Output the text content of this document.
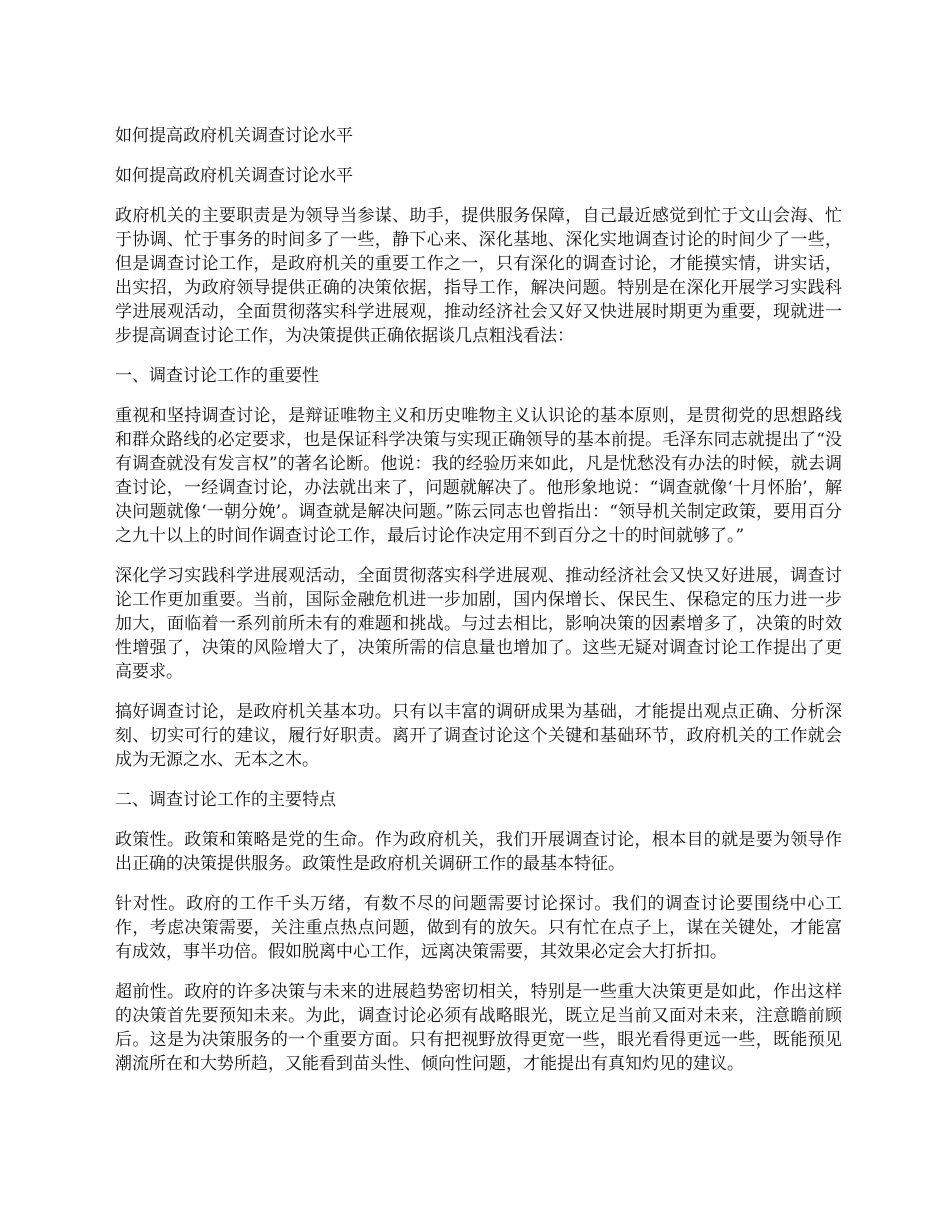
如何提高政府机关调查讨论水平

如何提高政府机关调查讨论水平

政府机关的主要职责是为领导当参谋、助手，提供服务保障，自己最近感觉到忙于文山会海、忙于协调、忙于事务的时间多了一些，静下心来、深化基地、深化实地调查讨论的时间少了一些，但是调查讨论工作，是政府机关的重要工作之一，只有深化的调查讨论，才能摸实情，讲实话，出实招，为政府领导提供正确的决策依据，指导工作，解决问题。特别是在深化开展学习实践科学进展观活动，全面贯彻落实科学进展观，推动经济社会又好又快进展时期更为重要，现就进一步提高调查讨论工作，为决策提供正确依据谈几点粗浅看法：

一、调查讨论工作的重要性

重视和坚持调查讨论，是辩证唯物主义和历史唯物主义认识论的基本原则，是贯彻党的思想路线和群众路线的必定要求，也是保证科学决策与实现正确领导的基本前提。毛泽东同志就提出了“没有调查就没有发言权”的著名论断。他说：我的经验历来如此，凡是忧愁没有办法的时候，就去调查讨论，一经调查讨论，办法就出来了，问题就解决了。他形象地说：“调查就像‘十月怀胎’，解决问题就像‘一朝分娩’。调查就是解决问题。”陈云同志也曾指出：“领导机关制定政策，要用百分之九十以上的时间作调查讨论工作，最后讨论作决定用不到百分之十的时间就够了。”

深化学习实践科学进展观活动，全面贯彻落实科学进展观、推动经济社会又快又好进展，调查讨论工作更加重要。当前，国际金融危机进一步加剧，国内保增长、保民生、保稳定的压力进一步加大，面临着一系列前所未有的难题和挑战。与过去相比，影响决策的因素增多了，决策的时效性增强了，决策的风险增大了，决策所需的信息量也增加了。这些无疑对调查讨论工作提出了更高要求。

搞好调查讨论，是政府机关基本功。只有以丰富的调研成果为基础，才能提出观点正确、分析深刻、切实可行的建议，履行好职责。离开了调查讨论这个关键和基础环节，政府机关的工作就会成为无源之水、无本之木。

二、调查讨论工作的主要特点

政策性。政策和策略是党的生命。作为政府机关，我们开展调查讨论，根本目的就是要为领导作出正确的决策提供服务。政策性是政府机关调研工作的最基本特征。

针对性。政府的工作千头万绪，有数不尽的问题需要讨论探讨。我们的调查讨论要围绕中心工作，考虑决策需要，关注重点热点问题，做到有的放矢。只有忙在点子上，谋在关键处，才能富有成效，事半功倍。假如脱离中心工作，远离决策需要，其效果必定会大打折扣。

超前性。政府的许多决策与未来的进展趋势密切相关，特别是一些重大决策更是如此，作出这样的决策首先要预知未来。为此，调查讨论必须有战略眼光，既立足当前又面对未来，注意瞻前顾后。这是为决策服务的一个重要方面。只有把视野放得更宽一些，眼光看得更远一些，既能预见潮流所在和大势所趋，又能看到苗头性、倾向性问题，才能提出有真知灼见的建议。
